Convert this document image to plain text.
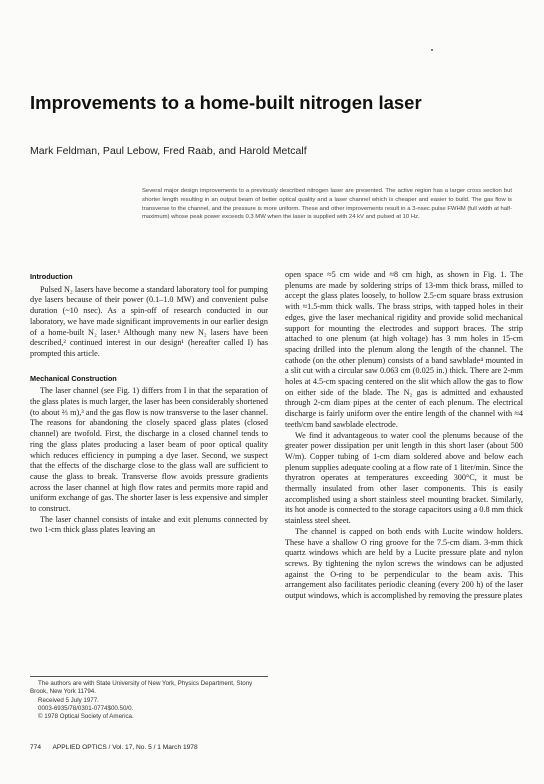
Improvements to a home-built nitrogen laser
Mark Feldman, Paul Lebow, Fred Raab, and Harold Metcalf
Several major design improvements to a previously described nitrogen laser are presented. The active region has a larger cross section but shorter length resulting in an output beam of better optical quality and a laser channel which is cheaper and easier to build. The gas flow is transverse to the channel, and the pressure is more uniform. These and other improvements result in a 3-nsec pulse FWHM (full width at half-maximum) whose peak power exceeds 0.3 MW when the laser is supplied with 24 kV and pulsed at 10 Hz.
Introduction

Pulsed N₂ lasers have become a standard laboratory tool for pumping dye lasers because of their power (0.1–1.0 MW) and convenient pulse duration (~10 nsec). As a spin-off of research conducted in our laboratory, we have made significant improvements in our earlier design of a home-built N₂ laser.¹ Although many new N₂ lasers have been described,² continued interest in our design¹ (hereafter called I) has prompted this article.

Mechanical Construction

The laser channel (see Fig. 1) differs from I in that the separation of the glass plates is much larger, the laser has been considerably shortened (to about ⅔ m),³ and the gas flow is now transverse to the laser channel. The reasons for abandoning the closely spaced glass plates (closed channel) are twofold. First, the discharge in a closed channel tends to ring the glass plates producing a laser beam of poor optical quality which reduces efficiency in pumping a dye laser. Second, we suspect that the effects of the discharge close to the glass wall are sufficient to cause the glass to break. Transverse flow avoids pressure gradients across the laser channel at high flow rates and permits more rapid and uniform exchange of gas. The shorter laser is less expensive and simpler to construct.

The laser channel consists of intake and exit plenums connected by two 1-cm thick glass plates leaving an

open space ≈5 cm wide and ≈8 cm high, as shown in Fig. 1. The plenums are made by soldering strips of 13-mm thick brass, milled to accept the glass plates loosely, to hollow 2.5-cm square brass extrusion with ≈1.5-mm thick walls. The brass strips, with tapped holes in their edges, give the laser mechanical rigidity and provide solid mechanical support for mounting the electrodes and support braces. The strip attached to one plenum (at high voltage) has 3 mm holes in 15-cm spacing drilled into the plenum along the length of the channel. The cathode (on the other plenum) consists of a band sawblade⁴ mounted in a slit cut with a circular saw 0.063 cm (0.025 in.) thick. There are 2-mm holes at 4.5-cm spacing centered on the slit which allow the gas to flow on either side of the blade. The N₂ gas is admitted and exhausted through 2-cm diam pipes at the center of each plenum. The electrical discharge is fairly uniform over the entire length of the channel with ≈4 teeth/cm band sawblade electrode.

We find it advantageous to water cool the plenums because of the greater power dissipation per unit length in this short laser (about 500 W/m). Copper tubing of 1-cm diam soldered above and below each plenum supplies adequate cooling at a flow rate of 1 liter/min. Since the thyratron operates at temperatures exceeding 300°C, it must be thermally insulated from other laser components. This is easily accomplished using a short stainless steel mounting bracket. Similarly, its hot anode is connected to the storage capacitors using a 0.8 mm thick stainless steel sheet.

The channel is capped on both ends with Lucite window holders. These have a shallow O ring groove for the 7.5-cm diam. 3-mm thick quartz windows which are held by a Lucite pressure plate and nylon screws. By tightening the nylon screws the windows can be adjusted against the O-ring to be perpendicular to the beam axis. This arrangement also facilitates periodic cleaning (every 200 h) of the laser output windows, which is accomplished by removing the pressure plates

The authors are with State University of New York, Physics Department, Stony Brook, New York 11794.

Received 5 July 1977.

0003-6935/78/0301-0774$00.50/0.

© 1978 Optical Society of America.

774 APPLIED OPTICS / Vol. 17, No. 5 / 1 March 1978
